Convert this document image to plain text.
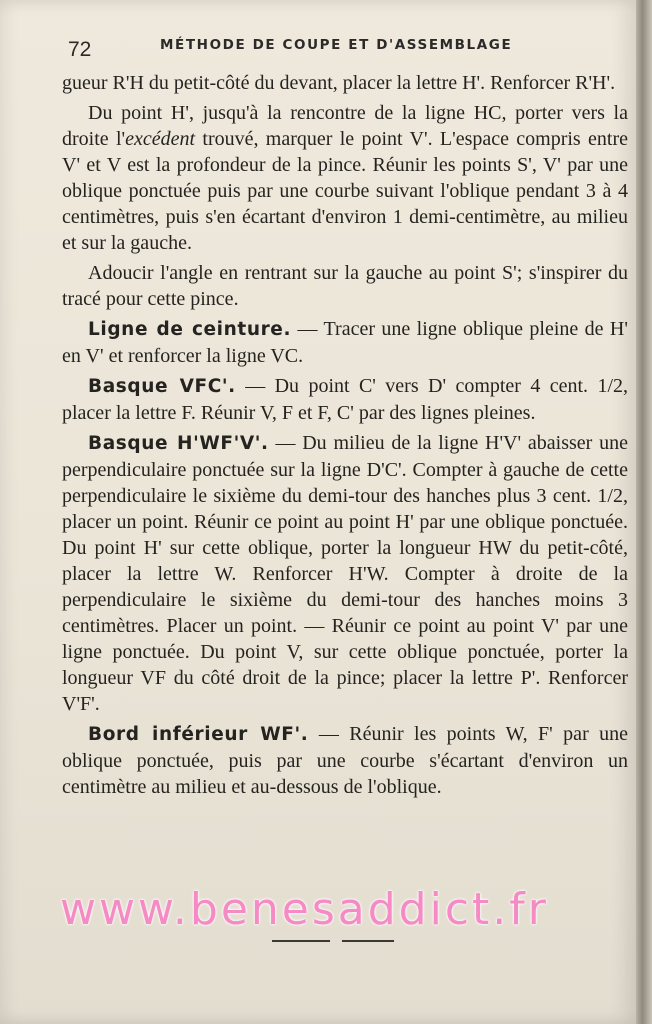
72	MÉTHODE DE COUPE ET D'ASSEMBLAGE

gueur R'H du petit-côté du devant, placer la lettre H'. Renforcer R'H'.

Du point H', jusqu'à la rencontre de la ligne HC, porter vers la droite l'excédent trouvé, marquer le point V'. L'espace compris entre V' et V est la profondeur de la pince. Réunir les points S', V' par une oblique ponctuée puis par une courbe suivant l'oblique pendant 3 à 4 centimètres, puis s'en écartant d'environ 1 demi-centimètre, au milieu et sur la gauche.

Adoucir l'angle en rentrant sur la gauche au point S'; s'inspirer du tracé pour cette pince.

Ligne de ceinture. — Tracer une ligne oblique pleine de H' en V' et renforcer la ligne VC.

Basque VFC'. — Du point C' vers D' compter 4 cent. 1/2, placer la lettre F. Réunir V, F et F, C' par des lignes pleines.

Basque H'WF'V'. — Du milieu de la ligne H'V' abaisser une perpendiculaire ponctuée sur la ligne D'C'. Compter à gauche de cette perpendiculaire le sixième du demi-tour des hanches plus 3 cent. 1/2, placer un point. Réunir ce point au point H' par une oblique ponctuée. Du point H' sur cette oblique, porter la longueur HW du petit-côté, placer la lettre W. Renforcer H'W. Compter à droite de la perpendiculaire le sixième du demi-tour des hanches moins 3 centimètres. Placer un point. — Réunir ce point au point V' par une ligne ponctuée. Du point V, sur cette oblique ponctuée, porter la longueur VF du côté droit de la pince; placer la lettre P'. Renforcer V'F'.

Bord inférieur WF'. — Réunir les points W, F' par une oblique ponctuée, puis par une courbe s'écartant d'environ un centimètre au milieu et au-dessous de l'oblique.

www.benesaddict.fr
